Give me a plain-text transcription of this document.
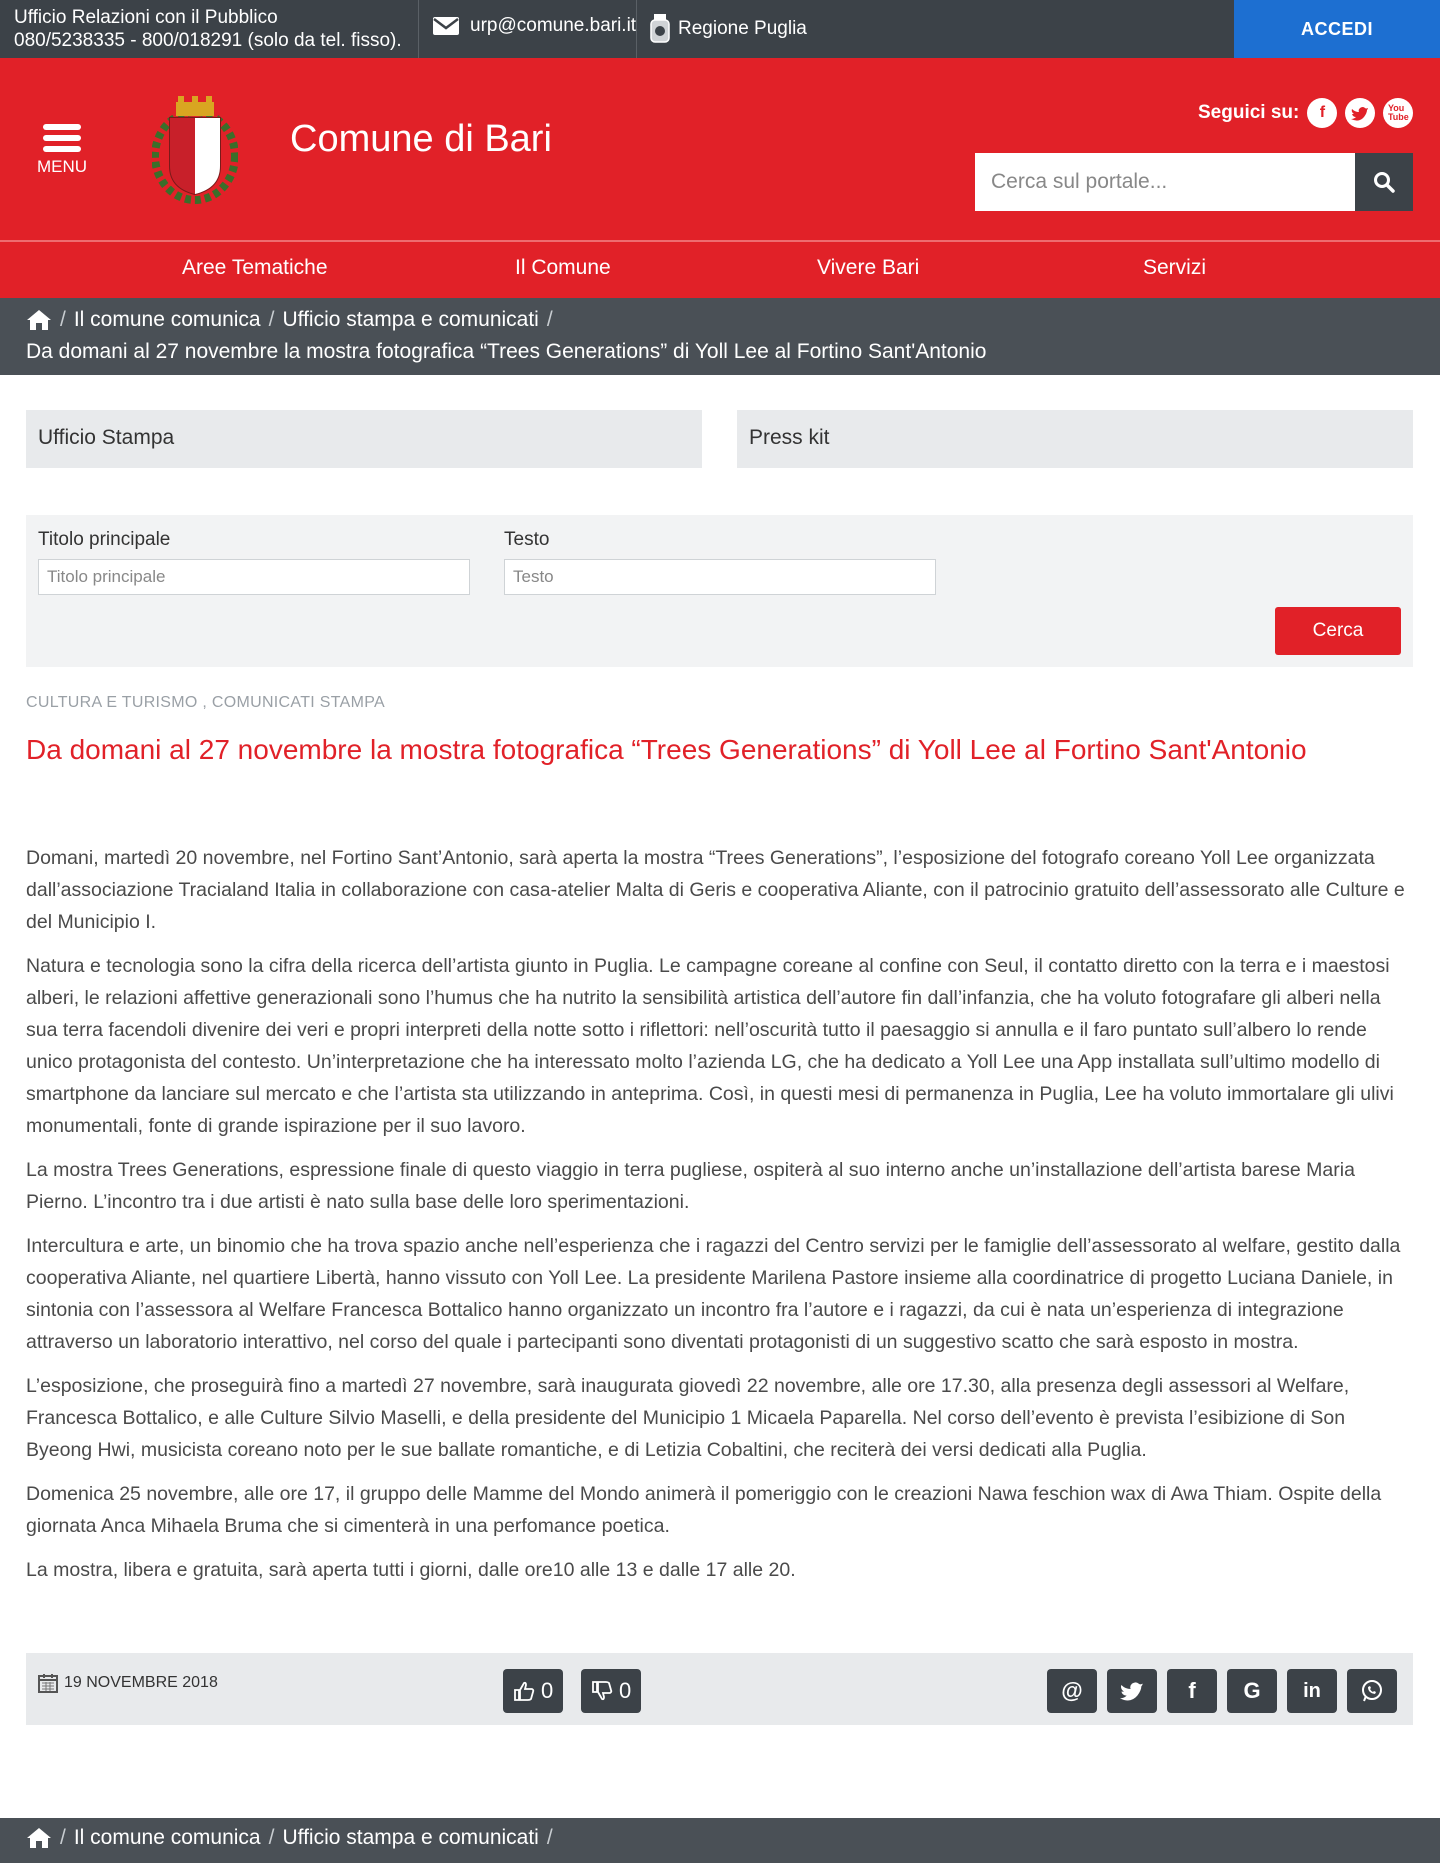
Ufficio Relazioni con il Pubblico
080/5238335 - 800/018291 (solo da tel. fisso).
urp@comune.bari.it Regione Puglia	ACCEDI
MENU
Comune di Bari
Seguici su:	f	You
Tube
Cerca sul portale...
Aree Tematiche	Il Comune	Vivere Bari	Servizi
/ Il comune comunica / Ufficio stampa e comunicati /
Da domani al 27 novembre la mostra fotografica “Trees Generations” di Yoll Lee al Fortino Sant'Antonio
Ufficio Stampa	Press kit
Titolo principale
Titolo principale	Testo
Testo
Cerca
CULTURA E TURISMO , COMUNICATI STAMPA
Da domani al 27 novembre la mostra fotografica “Trees Generations” di Yoll Lee al Fortino Sant'Antonio

Domani, martedì 20 novembre, nel Fortino Sant’Antonio, sarà aperta la mostra “Trees Generations”, l’esposizione del fotografo coreano Yoll Lee organizzata dall’associazione Tracialand Italia in collaborazione con casa-atelier Malta di Geris e cooperativa Aliante, con il patrocinio gratuito dell’assessorato alle Culture e del Municipio I.

Natura e tecnologia sono la cifra della ricerca dell’artista giunto in Puglia. Le campagne coreane al confine con Seul, il contatto diretto con la terra e i maestosi alberi, le relazioni affettive generazionali sono l’humus che ha nutrito la sensibilità artistica dell’autore fin dall’infanzia, che ha voluto fotografare gli alberi nella sua terra facendoli divenire dei veri e propri interpreti della notte sotto i riflettori: nell’oscurità tutto il paesaggio si annulla e il faro puntato sull’albero lo rende unico protagonista del contesto. Un’interpretazione che ha interessato molto l’azienda LG, che ha dedicato a Yoll Lee una App installata sull’ultimo modello di smartphone da lanciare sul mercato e che l’artista sta utilizzando in anteprima. Così, in questi mesi di permanenza in Puglia, Lee ha voluto immortalare gli ulivi monumentali, fonte di grande ispirazione per il suo lavoro.

La mostra Trees Generations, espressione finale di questo viaggio in terra pugliese, ospiterà al suo interno anche un’installazione dell’artista barese Maria Pierno. L’incontro tra i due artisti è nato sulla base delle loro sperimentazioni.

Intercultura e arte, un binomio che ha trova spazio anche nell’esperienza che i ragazzi del Centro servizi per le famiglie dell’assessorato al welfare, gestito dalla cooperativa Aliante, nel quartiere Libertà, hanno vissuto con Yoll Lee. La presidente Marilena Pastore insieme alla coordinatrice di progetto Luciana Daniele, in sintonia con l’assessora al Welfare Francesca Bottalico hanno organizzato un incontro fra l’autore e i ragazzi, da cui è nata un’esperienza di integrazione attraverso un laboratorio interattivo, nel corso del quale i partecipanti sono diventati protagonisti di un suggestivo scatto che sarà esposto in mostra.

L’esposizione, che proseguirà fino a martedì 27 novembre, sarà inaugurata giovedì 22 novembre, alle ore 17.30, alla presenza degli assessori al Welfare, Francesca Bottalico, e alle Culture Silvio Maselli, e della presidente del Municipio 1 Micaela Paparella. Nel corso dell’evento è prevista l’esibizione di Son Byeong Hwi, musicista coreano noto per le sue ballate romantiche, e di Letizia Cobaltini, che reciterà dei versi dedicati alla Puglia.

Domenica 25 novembre, alle ore 17, il gruppo delle Mamme del Mondo animerà il pomeriggio con le creazioni Nawa feschion wax di Awa Thiam. Ospite della giornata Anca Mihaela Bruma che si cimenterà in una perfomance poetica.

La mostra, libera e gratuita, sarà aperta tutti i giorni, dalle ore10 alle 13 e dalle 17 alle 20.

19 NOVEMBRE 2018	0	0	@	f G in
/ Il comune comunica / Ufficio stampa e comunicati /
